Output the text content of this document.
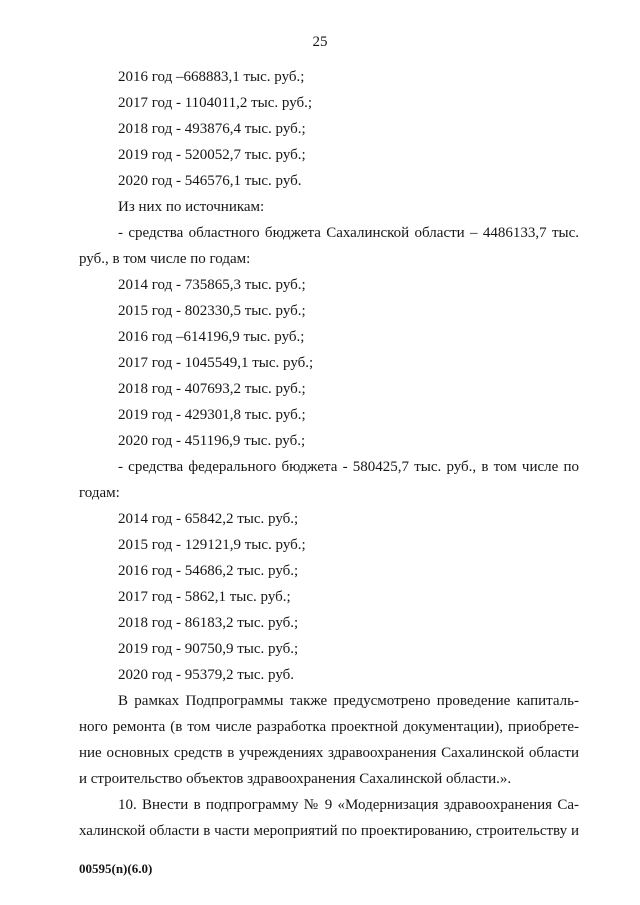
25
2016 год –668883,1 тыс. руб.;
2017 год - 1104011,2 тыс. руб.;
2018 год - 493876,4 тыс. руб.;
2019 год - 520052,7 тыс. руб.;
2020 год - 546576,1 тыс. руб.
Из них по источникам:
- средства областного бюджета Сахалинской области – 4486133,7 тыс.
руб., в том числе по годам:
2014 год - 735865,3 тыс. руб.;
2015 год - 802330,5 тыс. руб.;
2016 год –614196,9 тыс. руб.;
2017 год - 1045549,1 тыс. руб.;
2018 год - 407693,2 тыс. руб.;
2019 год - 429301,8 тыс. руб.;
2020 год - 451196,9 тыс. руб.;
- средства федерального бюджета - 580425,7 тыс. руб., в том числе по
годам:
2014 год - 65842,2 тыс. руб.;
2015 год - 129121,9 тыс. руб.;
2016 год - 54686,2 тыс. руб.;
2017 год - 5862,1 тыс. руб.;
2018 год - 86183,2 тыс. руб.;
2019 год - 90750,9 тыс. руб.;
2020 год - 95379,2 тыс. руб.
В рамках Подпрограммы также предусмотрено проведение капиталь-
ного ремонта (в том числе разработка проектной документации), приобрете-
ние основных средств в учреждениях здравоохранения Сахалинской области
и строительство объектов здравоохранения Сахалинской области.».
10. Внести в подпрограмму № 9 «Модернизация здравоохранения Са-
халинской области в части мероприятий по проектированию, строительству и
00595(n)(6.0)
